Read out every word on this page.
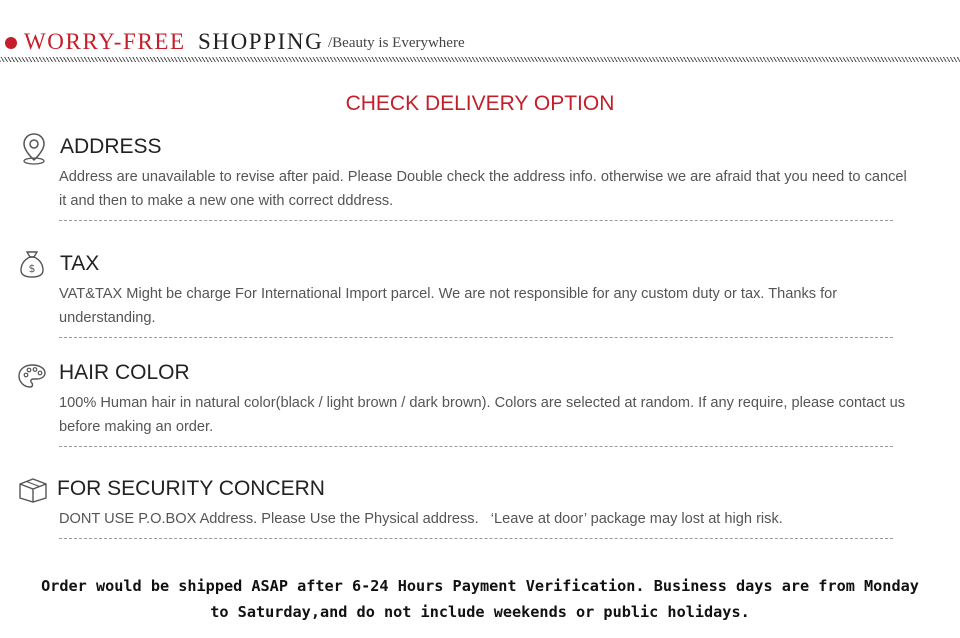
WORRY-FREE SHOPPING /Beauty is Everywhere
CHECK DELIVERY OPTION
ADDRESS
Address are unavailable to revise after paid. Please Double check the address info. otherwise we are afraid that you need to cancel it and then to make a new one with correct dddress.
$ TAX
VAT&TAX Might be charge For International Import parcel. We are not responsible for any custom duty or tax. Thanks for understanding.
HAIR COLOR
100% Human hair in natural color(black / light brown / dark brown). Colors are selected at random. If any require, please contact us before making an order.
FOR SECURITY CONCERN
DONT USE P.O.BOX Address. Please Use the Physical address.   ‘Leave at door’ package may lost at high risk.
Order would be shipped ASAP after 6-24 Hours Payment Verification. Business days are from Monday to Saturday,and do not include weekends or public holidays.
